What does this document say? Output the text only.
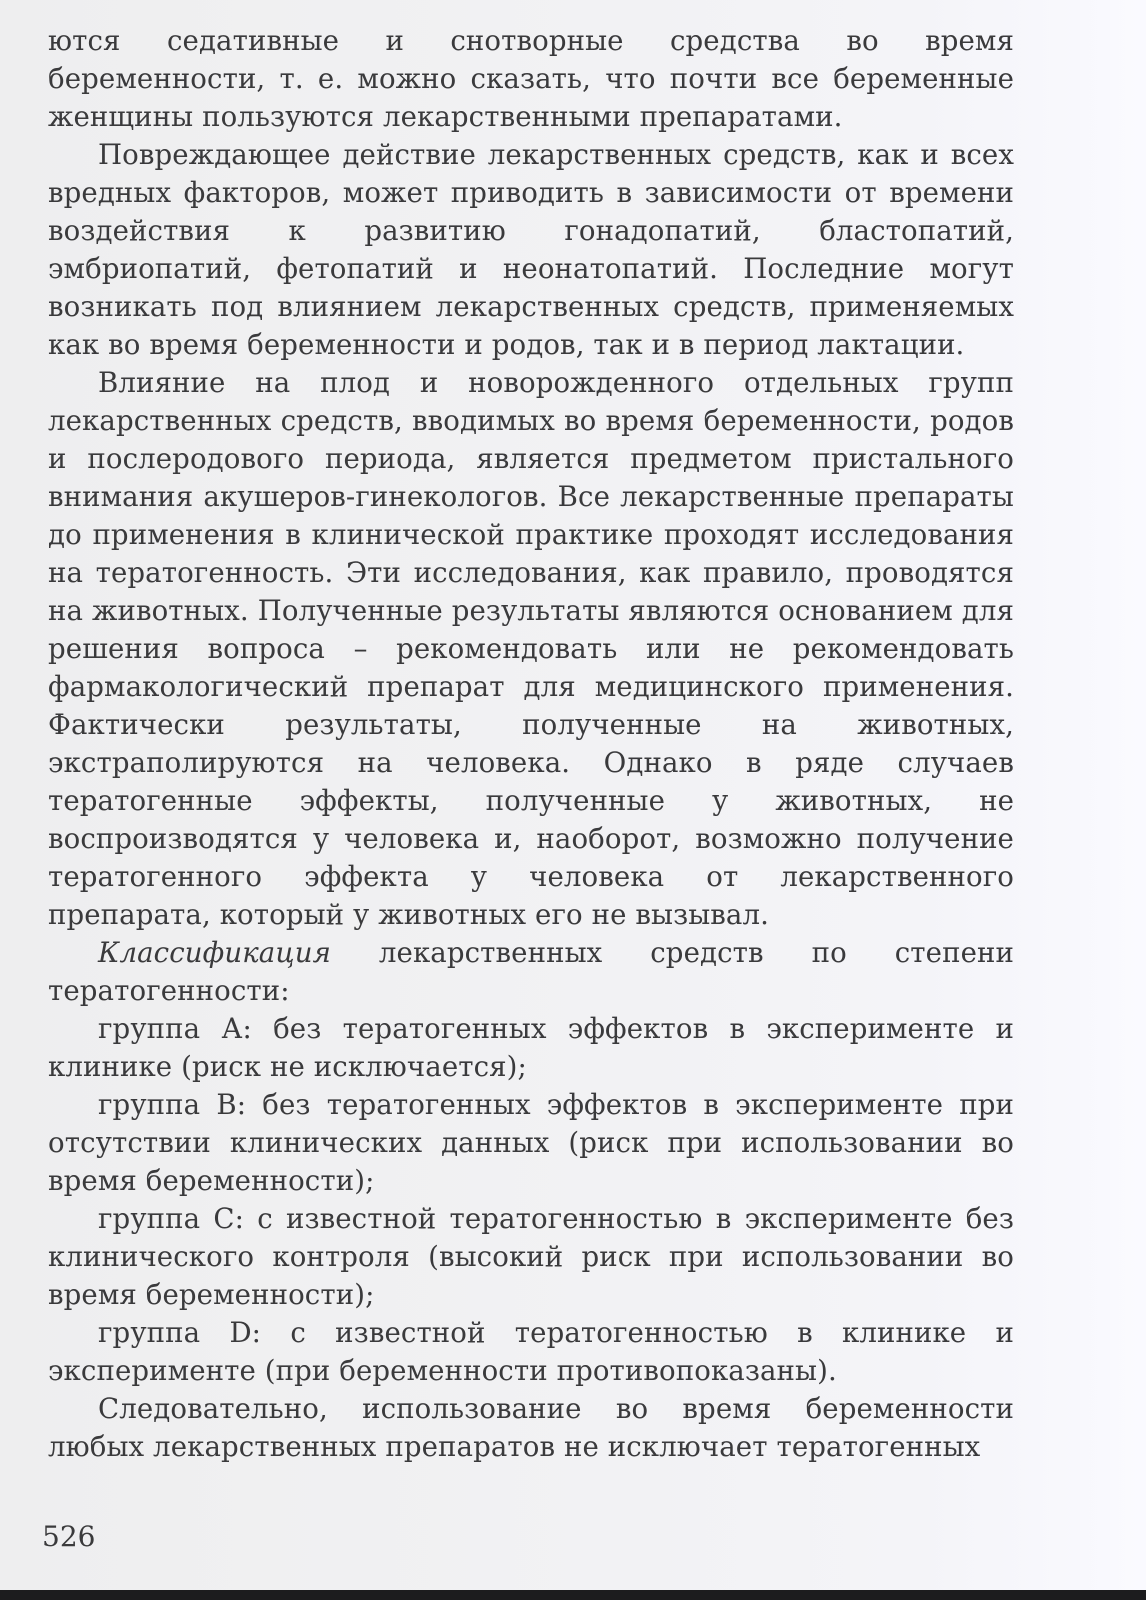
ются седативные и снотворные средства во время беременности, т. е. можно сказать, что почти все беременные женщины пользуются лекарственными препаратами.

Повреждающее действие лекарственных средств, как и всех вредных факторов, может приводить в зависимости от времени воздействия к развитию гонадопатий, бластопатий, эмбриопатий, фетопатий и неонатопатий. Последние могут возникать под влиянием лекарственных средств, применяемых как во время беременности и родов, так и в период лактации.

Влияние на плод и новорожденного отдельных групп лекарственных средств, вводимых во время беременности, родов и послеродового периода, является предметом пристального внимания акушеров-гинекологов. Все лекарственные препараты до применения в клинической практике проходят исследования на тератогенность. Эти исследования, как правило, проводятся на животных. Полученные результаты являются основанием для решения вопроса – рекомендовать или не рекомендовать фармакологический препарат для медицинского применения. Фактически результаты, полученные на животных, экстраполируются на человека. Однако в ряде случаев тератогенные эффекты, полученные у животных, не воспроизводятся у человека и, наоборот, возможно получение тератогенного эффекта у человека от лекарственного препарата, который у животных его не вызывал.

Классификация лекарственных средств по степени тератогенности:

группа А: без тератогенных эффектов в эксперименте и клинике (риск не исключается);

группа В: без тератогенных эффектов в эксперименте при отсутствии клинических данных (риск при использовании во время беременности);

группа С: с известной тератогенностью в эксперименте без клинического контроля (высокий риск при использовании во время беременности);

группа D: с известной тератогенностью в клинике и эксперименте (при беременности противопоказаны).

Следовательно, использование во время беременности любых лекарственных препаратов не исключает тератогенных

526
